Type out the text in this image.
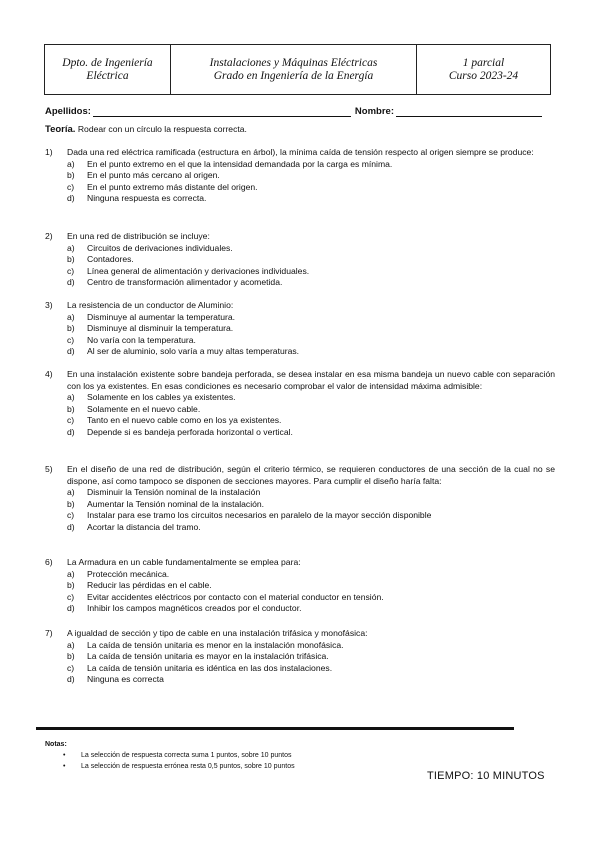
Dpto. de Ingeniería
Eléctrica
Instalaciones y Máquinas Eléctricas
Grado en Ingeniería de la Energía
1 parcial
Curso 2023-24
Apellidos:	Nombre:
Teoría. Rodear con un círculo la respuesta correcta.
1)	Dada una red eléctrica ramificada (estructura en árbol), la mínima caída de tensión respecto al origen siempre se produce:
a)	En el punto extremo en el que la intensidad demandada por la carga es mínima.
b)	En el punto más cercano al origen.
c)	En el punto extremo más distante del origen.
d)	Ninguna respuesta es correcta.
2)	En una red de distribución se incluye:
a)	Circuitos de derivaciones individuales.
b)	Contadores.
c)	Línea general de alimentación y derivaciones individuales.
d)	Centro de transformación alimentador y acometida.
3)	La resistencia de un conductor de Aluminio:
a)	Disminuye al aumentar la temperatura.
b)	Disminuye al disminuir la temperatura.
c)	No varía con la temperatura.
d)	Al ser de aluminio, solo varía a muy altas temperaturas.
4)	En una instalación existente sobre bandeja perforada, se desea instalar en esa misma bandeja un nuevo cable con separación con los ya existentes. En esas condiciones es necesario comprobar el valor de intensidad máxima admisible:
a)	Solamente en los cables ya existentes.
b)	Solamente en el nuevo cable.
c)	Tanto en el nuevo cable como en los ya existentes.
d)	Depende si es bandeja perforada horizontal o vertical.
5)	En el diseño de una red de distribución, según el criterio térmico, se requieren conductores de una sección de la cual no se dispone, así como tampoco se disponen de secciones mayores. Para cumplir el diseño haría falta:
a)	Disminuir la Tensión nominal de la instalación
b)	Aumentar la Tensión nominal de la instalación.
c)	Instalar para ese tramo los circuitos necesarios en paralelo de la mayor sección disponible
d)	Acortar la distancia del tramo.
6)	La Armadura en un cable fundamentalmente se emplea para:
a)	Protección mecánica.
b)	Reducir las pérdidas en el cable.
c)	Evitar accidentes eléctricos por contacto con el material conductor en tensión.
d)	Inhibir los campos magnéticos creados por el conductor.
7)	A igualdad de sección y tipo de cable en una instalación trifásica y monofásica:
a)	La caída de tensión unitaria es menor en la instalación monofásica.
b)	La caída de tensión unitaria es mayor en la instalación trifásica.
c)	La caída de tensión unitaria es idéntica en las dos instalaciones.
d)	Ninguna es correcta
Notas:
•	La selección de respuesta correcta suma 1 puntos, sobre 10 puntos
•	La selección de respuesta errónea resta 0,5 puntos, sobre 10 puntos
TIEMPO: 10 MINUTOS
